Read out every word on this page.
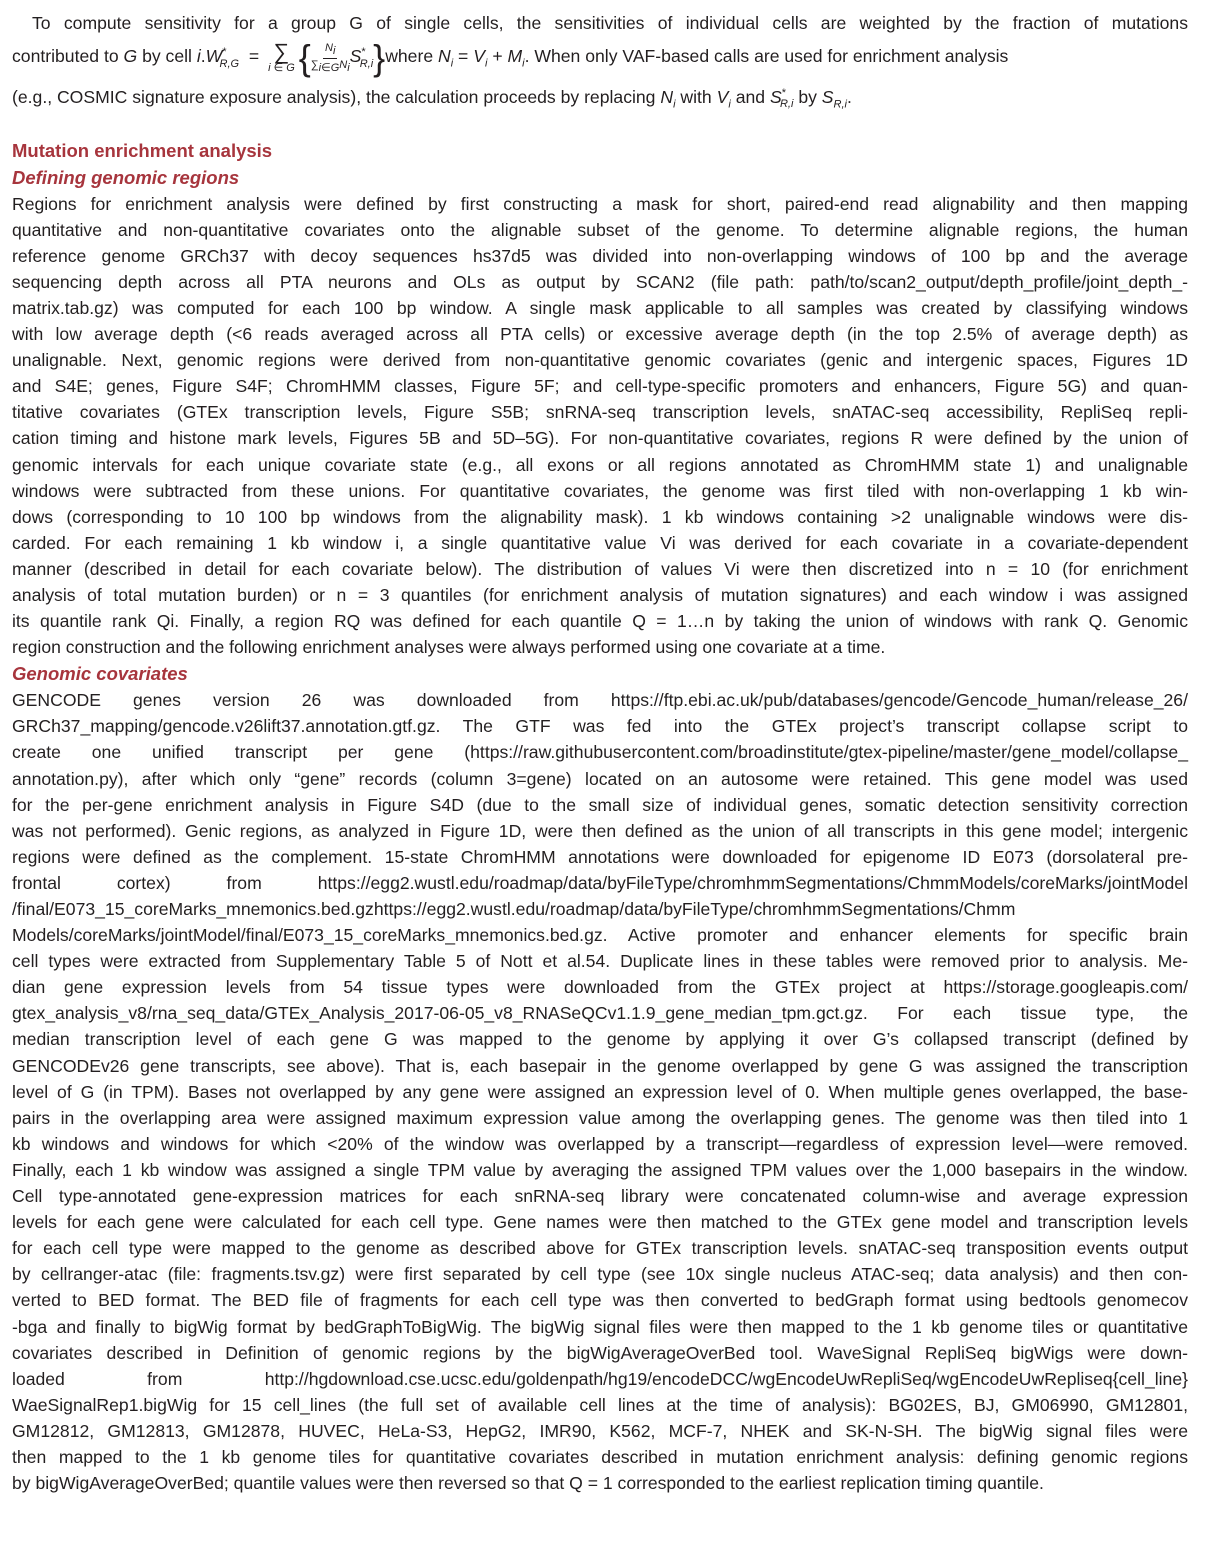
To compute sensitivity for a group G of single cells, the sensitivities of individual cells are weighted by the fraction of mutations
contributed to G by cell $i.W^*_{R,G}$  = ∑
i ∈ G { $\frac{N_i}{\sum_{i\in G}N_i} S^*_{R,i}$ } where $N_i = V_i + M_i$. When only VAF-based calls are used for enrichment analysis
(e.g., COSMIC signature exposure analysis), the calculation proceeds by replacing $N_i$ with $V_i$ and $S^*_{R,i}$ by $S_{R,i}$.
Mutation enrichment analysis
Defining genomic regions
Regions for enrichment analysis were defined by first constructing a mask for short, paired-end read alignability and then mapping
quantitative and non-quantitative covariates onto the alignable subset of the genome. To determine alignable regions, the human
reference genome GRCh37 with decoy sequences hs37d5 was divided into non-overlapping windows of 100 bp and the average
sequencing depth across all PTA neurons and OLs as output by SCAN2 (file path: path/to/scan2_output/depth_profile/joint_depth_-
matrix.tab.gz) was computed for each 100 bp window. A single mask applicable to all samples was created by classifying windows
with low average depth (<6 reads averaged across all PTA cells) or excessive average depth (in the top 2.5% of average depth) as
unalignable. Next, genomic regions were derived from non-quantitative genomic covariates (genic and intergenic spaces, Figures 1D
and S4E; genes, Figure S4F; ChromHMM classes, Figure 5F; and cell-type-specific promoters and enhancers, Figure 5G) and quan-
titative covariates (GTEx transcription levels, Figure S5B; snRNA-seq transcription levels, snATAC-seq accessibility, RepliSeq repli-
cation timing and histone mark levels, Figures 5B and 5D–5G). For non-quantitative covariates, regions R were defined by the union of
genomic intervals for each unique covariate state (e.g., all exons or all regions annotated as ChromHMM state 1) and unalignable
windows were subtracted from these unions. For quantitative covariates, the genome was first tiled with non-overlapping 1 kb win-
dows (corresponding to 10 100 bp windows from the alignability mask). 1 kb windows containing >2 unalignable windows were dis-
carded. For each remaining 1 kb window i, a single quantitative value Vi was derived for each covariate in a covariate-dependent
manner (described in detail for each covariate below). The distribution of values Vi were then discretized into n = 10 (for enrichment
analysis of total mutation burden) or n = 3 quantiles (for enrichment analysis of mutation signatures) and each window i was assigned
its quantile rank Qi. Finally, a region RQ was defined for each quantile Q = 1…n by taking the union of windows with rank Q. Genomic
region construction and the following enrichment analyses were always performed using one covariate at a time.
Genomic covariates
GENCODE genes version 26 was downloaded from https://ftp.ebi.ac.uk/pub/databases/gencode/Gencode_human/release_26/
GRCh37_mapping/gencode.v26lift37.annotation.gtf.gz. The GTF was fed into the GTEx project’s transcript collapse script to
create one unified transcript per gene (https://raw.githubusercontent.com/broadinstitute/gtex-pipeline/master/gene_model/collapse_
annotation.py), after which only “gene” records (column 3=gene) located on an autosome were retained. This gene model was used
for the per-gene enrichment analysis in Figure S4D (due to the small size of individual genes, somatic detection sensitivity correction
was not performed). Genic regions, as analyzed in Figure 1D, were then defined as the union of all transcripts in this gene model; intergenic
regions were defined as the complement. 15-state ChromHMM annotations were downloaded for epigenome ID E073 (dorsolateral pre-
frontal cortex) from https://egg2.wustl.edu/roadmap/data/byFileType/chromhmmSegmentations/ChmmModels/coreMarks/jointModel
/final/E073_15_coreMarks_mnemonics.bed.gzhttps://egg2.wustl.edu/roadmap/data/byFileType/chromhmmSegmentations/Chmm
Models/coreMarks/jointModel/final/E073_15_coreMarks_mnemonics.bed.gz. Active promoter and enhancer elements for specific brain
cell types were extracted from Supplementary Table 5 of Nott et al.54. Duplicate lines in these tables were removed prior to analysis. Me-
dian gene expression levels from 54 tissue types were downloaded from the GTEx project at https://storage.googleapis.com/
gtex_analysis_v8/rna_seq_data/GTEx_Analysis_2017-06-05_v8_RNASeQCv1.1.9_gene_median_tpm.gct.gz. For each tissue type, the
median transcription level of each gene G was mapped to the genome by applying it over G’s collapsed transcript (defined by
GENCODEv26 gene transcripts, see above). That is, each basepair in the genome overlapped by gene G was assigned the transcription
level of G (in TPM). Bases not overlapped by any gene were assigned an expression level of 0. When multiple genes overlapped, the base-
pairs in the overlapping area were assigned maximum expression value among the overlapping genes. The genome was then tiled into 1
kb windows and windows for which <20% of the window was overlapped by a transcript—regardless of expression level—were removed.
Finally, each 1 kb window was assigned a single TPM value by averaging the assigned TPM values over the 1,000 basepairs in the window.
Cell type-annotated gene-expression matrices for each snRNA-seq library were concatenated column-wise and average expression
levels for each gene were calculated for each cell type. Gene names were then matched to the GTEx gene model and transcription levels
for each cell type were mapped to the genome as described above for GTEx transcription levels. snATAC-seq transposition events output
by cellranger-atac (file: fragments.tsv.gz) were first separated by cell type (see 10x single nucleus ATAC-seq; data analysis) and then con-
verted to BED format. The BED file of fragments for each cell type was then converted to bedGraph format using bedtools genomecov
-bga and finally to bigWig format by bedGraphToBigWig. The bigWig signal files were then mapped to the 1 kb genome tiles or quantitative
covariates described in Definition of genomic regions by the bigWigAverageOverBed tool. WaveSignal RepliSeq bigWigs were down-
loaded from http://hgdownload.cse.ucsc.edu/goldenpath/hg19/encodeDCC/wgEncodeUwRepliSeq/wgEncodeUwRepliseq{cell_line}
WaeSignalRep1.bigWig for 15 cell_lines (the full set of available cell lines at the time of analysis): BG02ES, BJ, GM06990, GM12801,
GM12812, GM12813, GM12878, HUVEC, HeLa-S3, HepG2, IMR90, K562, MCF-7, NHEK and SK-N-SH. The bigWig signal files were
then mapped to the 1 kb genome tiles for quantitative covariates described in mutation enrichment analysis: defining genomic regions
by bigWigAverageOverBed; quantile values were then reversed so that Q = 1 corresponded to the earliest replication timing quantile.
